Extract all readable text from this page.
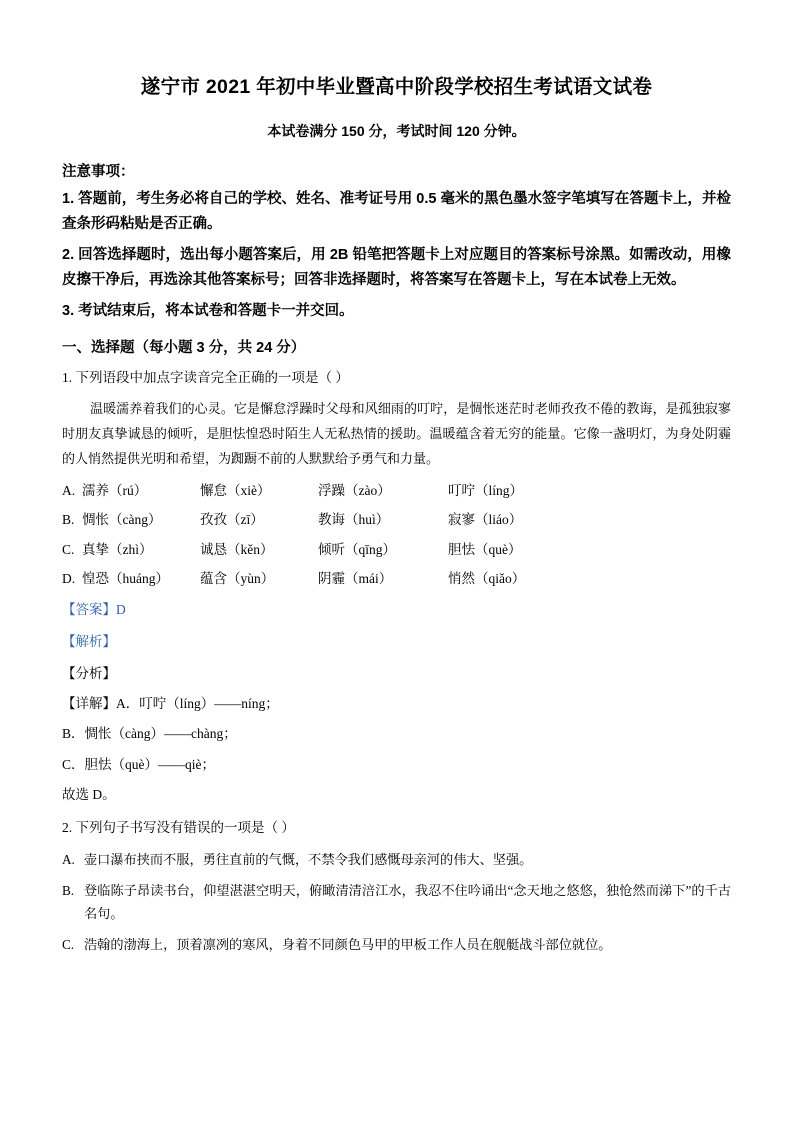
遂宁市 2021 年初中毕业暨高中阶段学校招生考试语文试卷
本试卷满分 150 分，考试时间 120 分钟。
注意事项：
1. 答题前，考生务必将自己的学校、姓名、准考证号用 0.5 毫米的黑色墨水签字笔填写在答题卡上，并检查条形码粘贴是否正确。
2. 回答选择题时，选出每小题答案后，用 2B 铅笔把答题卡上对应题目的答案标号涂黑。如需改动，用橡皮擦干净后，再选涂其他答案标号；回答非选择题时，将答案写在答题卡上，写在本试卷上无效。
3. 考试结束后，将本试卷和答题卡一并交回。
一、选择题（每小题 3 分，共 24 分）
1. 下列语段中加点字读音完全正确的一项是（ ）
温暖濡养着我们的心灵。它是懈怠浮躁时父母和风细雨的叮咛，是惆怅迷茫时老师孜孜不倦的教诲，是孤独寂寥时朋友真挚诚恳的倾听，是胆怯惶恐时陌生人无私热情的援助。温暖蕴含着无穷的能量。它像一盏明灯，为身处阴霾的人悄然提供光明和希望，为踟蹰不前的人默默给予勇气和力量。
A. 濡养（rú）	懈怠（xiè）	浮躁（zào）	叮咛（líng）
B. 惆怅（càng）	孜孜（zī）	教诲（huì）	寂寥（liáo）
C. 真挚（zhì）	诚恳（kěn）	倾听（qīng）	胆怯（què）
D. 惶恐（huáng）	蕴含（yùn）	阴霾（mái）	悄然（qiǎo）
【答案】D
【解析】
【分析】
【详解】A．叮咛（líng）——níng；
B．惆怅（càng）——chàng；
C．胆怯（què）——qiè；
故选 D。
2. 下列句子书写没有错误的一项是（ ）
A. 壶口瀑布挟而不服，勇往直前的气慨，不禁令我们感慨母亲河的伟大、坚强。
B. 登临陈子昂读书台，仰望湛湛空明天，俯瞰清清涪江水，我忍不住吟诵出“念天地之悠悠，独怆然而涕下”的千古名句。
C. 浩翰的渤海上，顶着凛冽的寒风，身着不同颜色马甲的甲板工作人员在舰艇战斗部位就位。
